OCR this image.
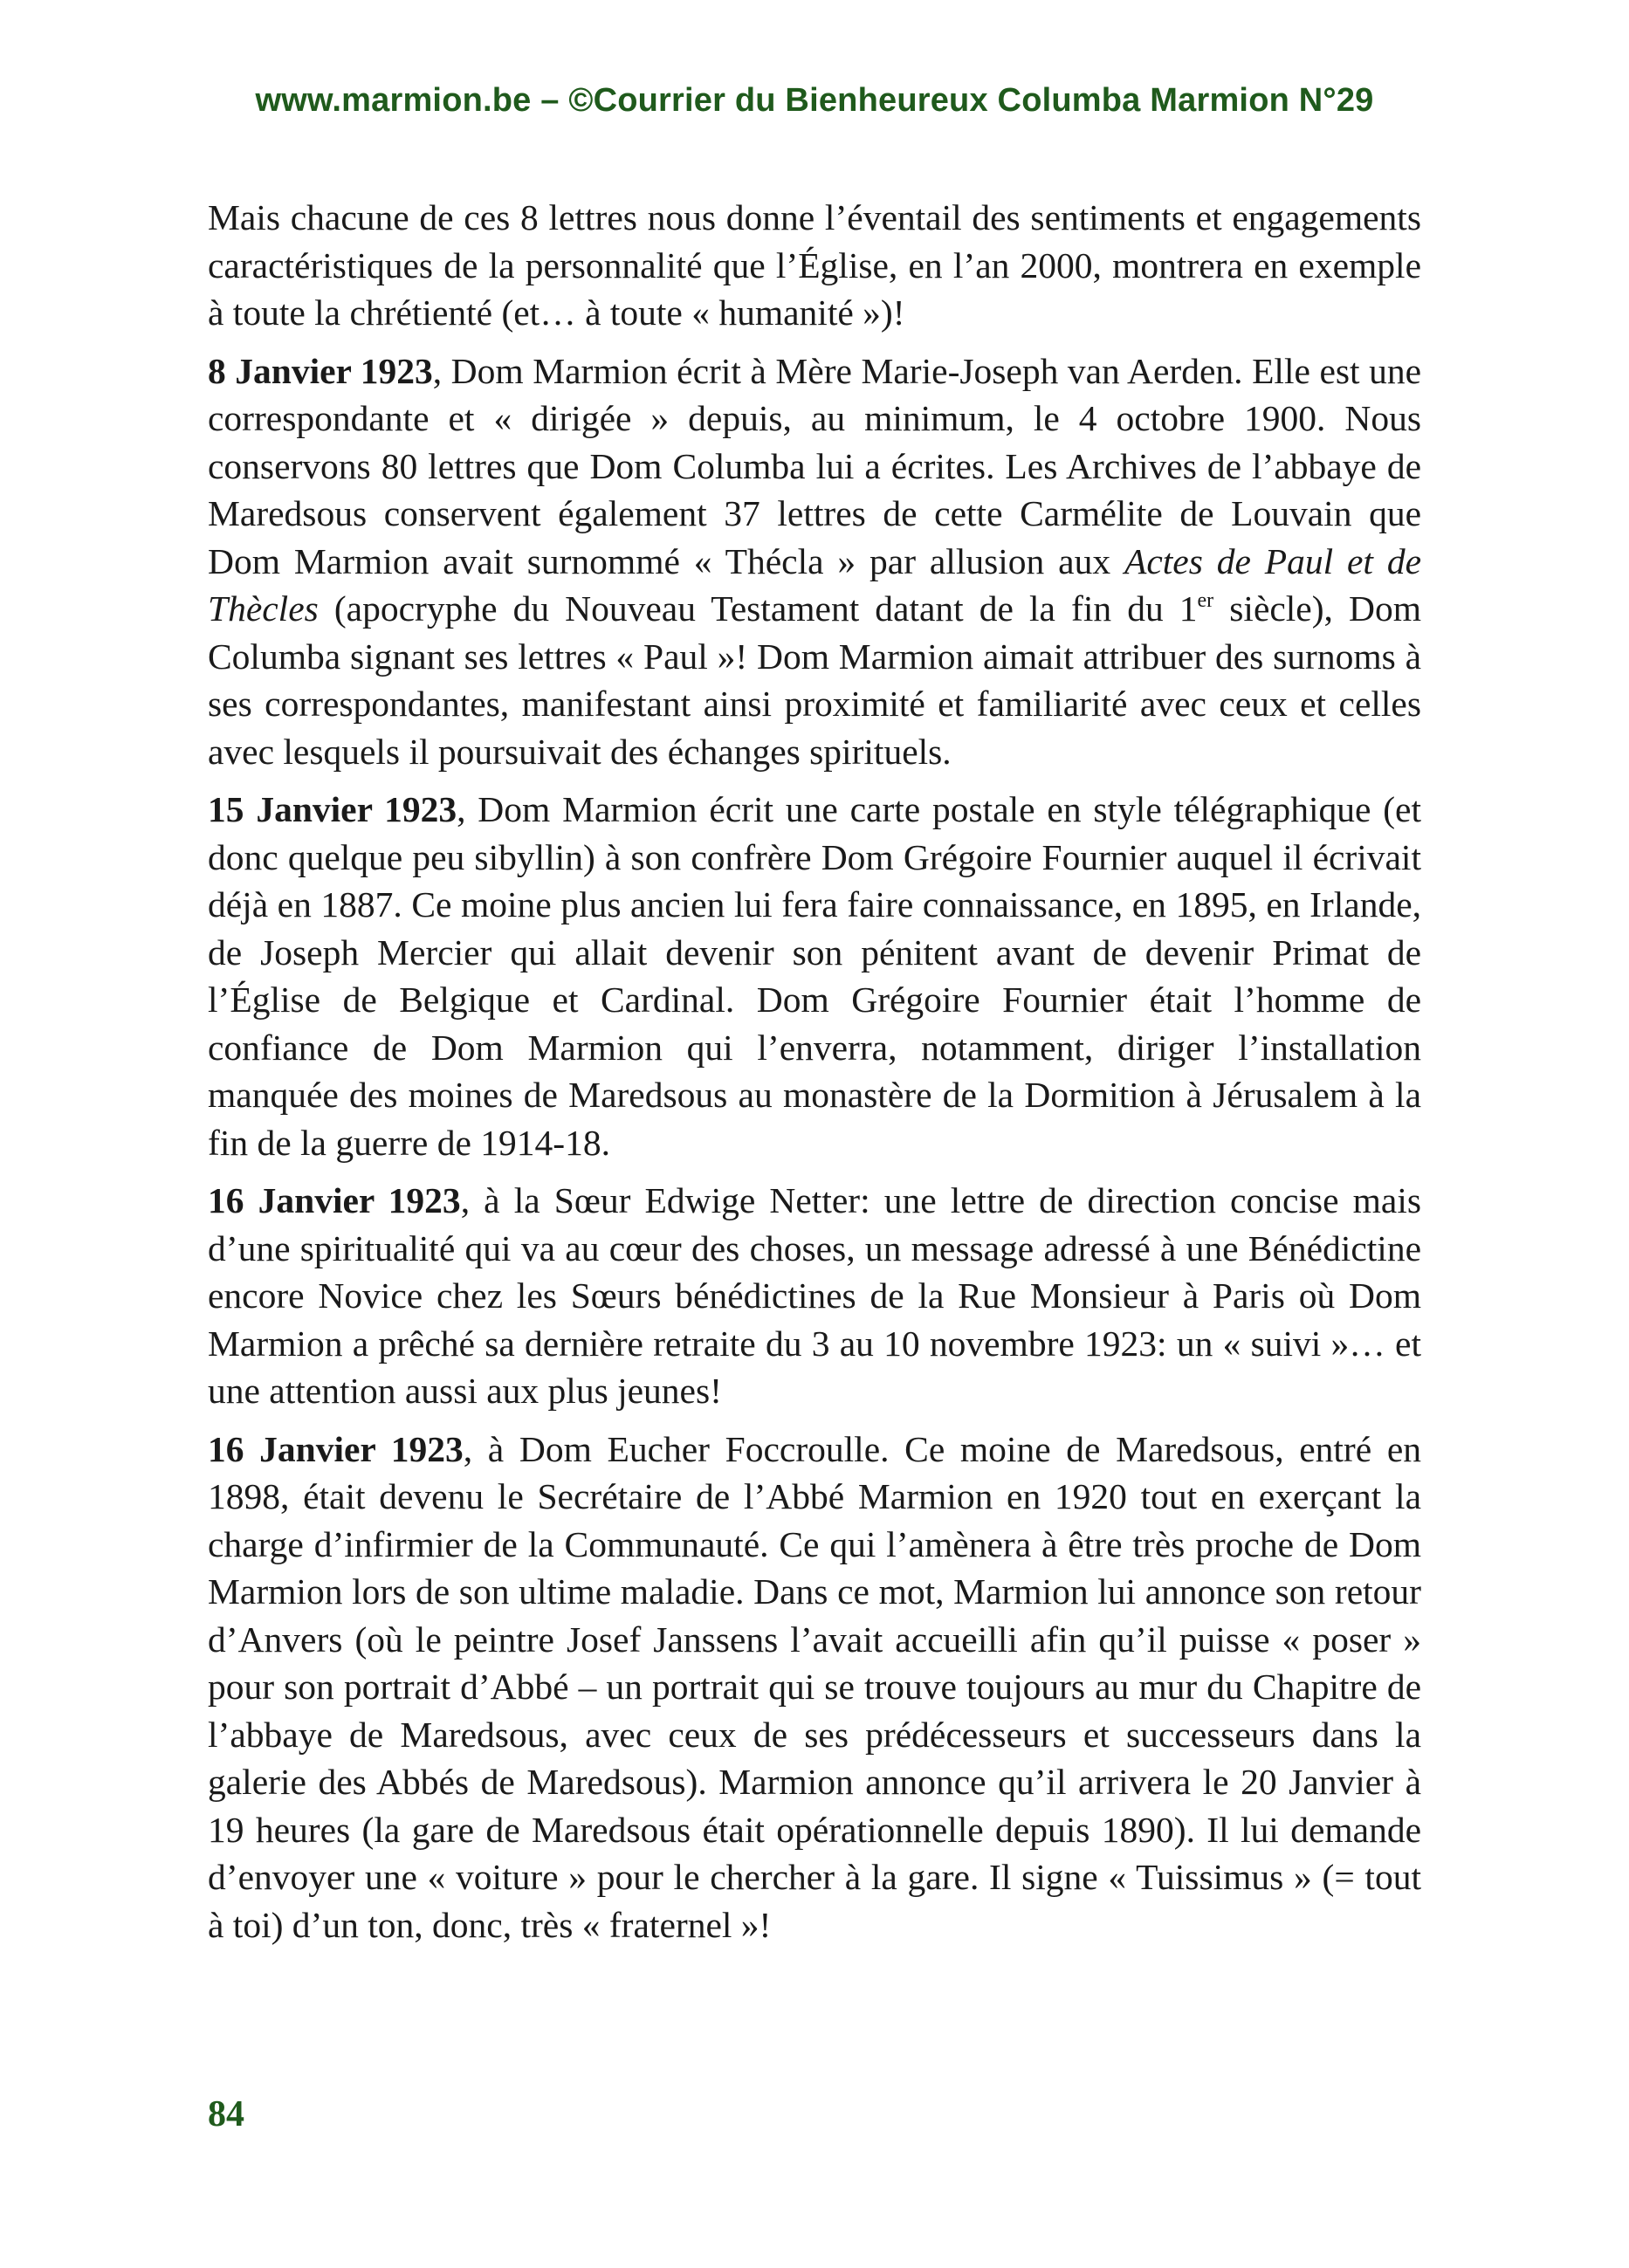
www.marmion.be – ©Courrier du Bienheureux Columba Marmion N°29

Mais chacune de ces 8 lettres nous donne l’éventail des sentiments et engagements caractéristiques de la personnalité que l’Église, en l’an 2000, montrera en exemple à toute la chrétienté (et… à toute « humanité »)!

8 Janvier 1923, Dom Marmion écrit à Mère Marie-Joseph van Aerden. Elle est une correspondante et « dirigée » depuis, au minimum, le 4 octobre 1900. Nous conservons 80 lettres que Dom Columba lui a écrites. Les Archives de l’abbaye de Maredsous conservent également 37 lettres de cette Carmélite de Louvain que Dom Marmion avait surnommé « Thécla » par allusion aux Actes de Paul et de Thècles (apocryphe du Nouveau Testament datant de la fin du 1er siècle), Dom Columba signant ses lettres « Paul »! Dom Marmion aimait attribuer des surnoms à ses correspondantes, manifestant ainsi proximité et familiarité avec ceux et celles avec lesquels il poursuivait des échanges spirituels.

15 Janvier 1923, Dom Marmion écrit une carte postale en style télégraphique (et donc quelque peu sibyllin) à son confrère Dom Grégoire Fournier auquel il écrivait déjà en 1887. Ce moine plus ancien lui fera faire connaissance, en 1895, en Irlande, de Joseph Mercier qui allait devenir son pénitent avant de devenir Primat de l’Église de Belgique et Cardinal. Dom Grégoire Fournier était l’homme de confiance de Dom Marmion qui l’enverra, notamment, diriger l’installation manquée des moines de Maredsous au monastère de la Dormition à Jérusalem à la fin de la guerre de 1914-18.

16 Janvier 1923, à la Sœur Edwige Netter: une lettre de direction concise mais d’une spiritualité qui va au cœur des choses, un message adressé à une Bénédictine encore Novice chez les Sœurs bénédictines de la Rue Monsieur à Paris où Dom Marmion a prêché sa dernière retraite du 3 au 10 novembre 1923: un « suivi »… et une attention aussi aux plus jeunes!

16 Janvier 1923, à Dom Eucher Foccroulle. Ce moine de Maredsous, entré en 1898, était devenu le Secrétaire de l’Abbé Marmion en 1920 tout en exerçant la charge d’infirmier de la Communauté. Ce qui l’amènera à être très proche de Dom Marmion lors de son ultime maladie. Dans ce mot, Marmion lui annonce son retour d’Anvers (où le peintre Josef Janssens l’avait accueilli afin qu’il puisse « poser » pour son portrait d’Abbé – un portrait qui se trouve toujours au mur du Chapitre de l’abbaye de Maredsous, avec ceux de ses prédécesseurs et successeurs dans la galerie des Abbés de Maredsous). Marmion annonce qu’il arrivera le 20 Janvier à 19 heures (la gare de Maredsous était opérationnelle depuis 1890). Il lui demande d’envoyer une « voiture » pour le chercher à la gare. Il signe « Tuissimus » (= tout à toi) d’un ton, donc, très « fraternel »!

84
